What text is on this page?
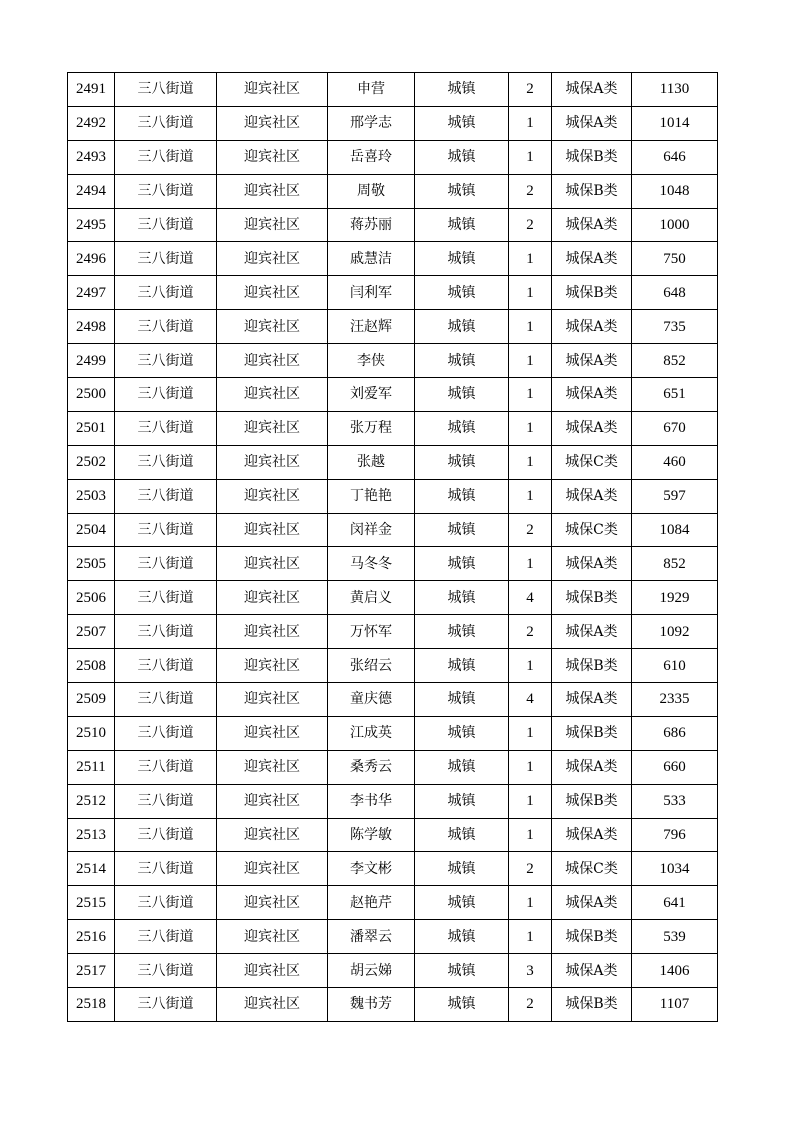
2491	三八街道	迎宾社区	申营	城镇	2	城保A类	1130
2492	三八街道	迎宾社区	邢学志	城镇	1	城保A类	1014
2493	三八街道	迎宾社区	岳喜玲	城镇	1	城保B类	646
2494	三八街道	迎宾社区	周敬	城镇	2	城保B类	1048
2495	三八街道	迎宾社区	蒋苏丽	城镇	2	城保A类	1000
2496	三八街道	迎宾社区	戚慧洁	城镇	1	城保A类	750
2497	三八街道	迎宾社区	闫利军	城镇	1	城保B类	648
2498	三八街道	迎宾社区	汪赵辉	城镇	1	城保A类	735
2499	三八街道	迎宾社区	李侠	城镇	1	城保A类	852
2500	三八街道	迎宾社区	刘爱军	城镇	1	城保A类	651
2501	三八街道	迎宾社区	张万程	城镇	1	城保A类	670
2502	三八街道	迎宾社区	张越	城镇	1	城保C类	460
2503	三八街道	迎宾社区	丁艳艳	城镇	1	城保A类	597
2504	三八街道	迎宾社区	闵祥金	城镇	2	城保C类	1084
2505	三八街道	迎宾社区	马冬冬	城镇	1	城保A类	852
2506	三八街道	迎宾社区	黄启义	城镇	4	城保B类	1929
2507	三八街道	迎宾社区	万怀军	城镇	2	城保A类	1092
2508	三八街道	迎宾社区	张绍云	城镇	1	城保B类	610
2509	三八街道	迎宾社区	童庆德	城镇	4	城保A类	2335
2510	三八街道	迎宾社区	江成英	城镇	1	城保B类	686
2511	三八街道	迎宾社区	桑秀云	城镇	1	城保A类	660
2512	三八街道	迎宾社区	李书华	城镇	1	城保B类	533
2513	三八街道	迎宾社区	陈学敏	城镇	1	城保A类	796
2514	三八街道	迎宾社区	李文彬	城镇	2	城保C类	1034
2515	三八街道	迎宾社区	赵艳芹	城镇	1	城保A类	641
2516	三八街道	迎宾社区	潘翠云	城镇	1	城保B类	539
2517	三八街道	迎宾社区	胡云娣	城镇	3	城保A类	1406
2518	三八街道	迎宾社区	魏书芳	城镇	2	城保B类	1107
